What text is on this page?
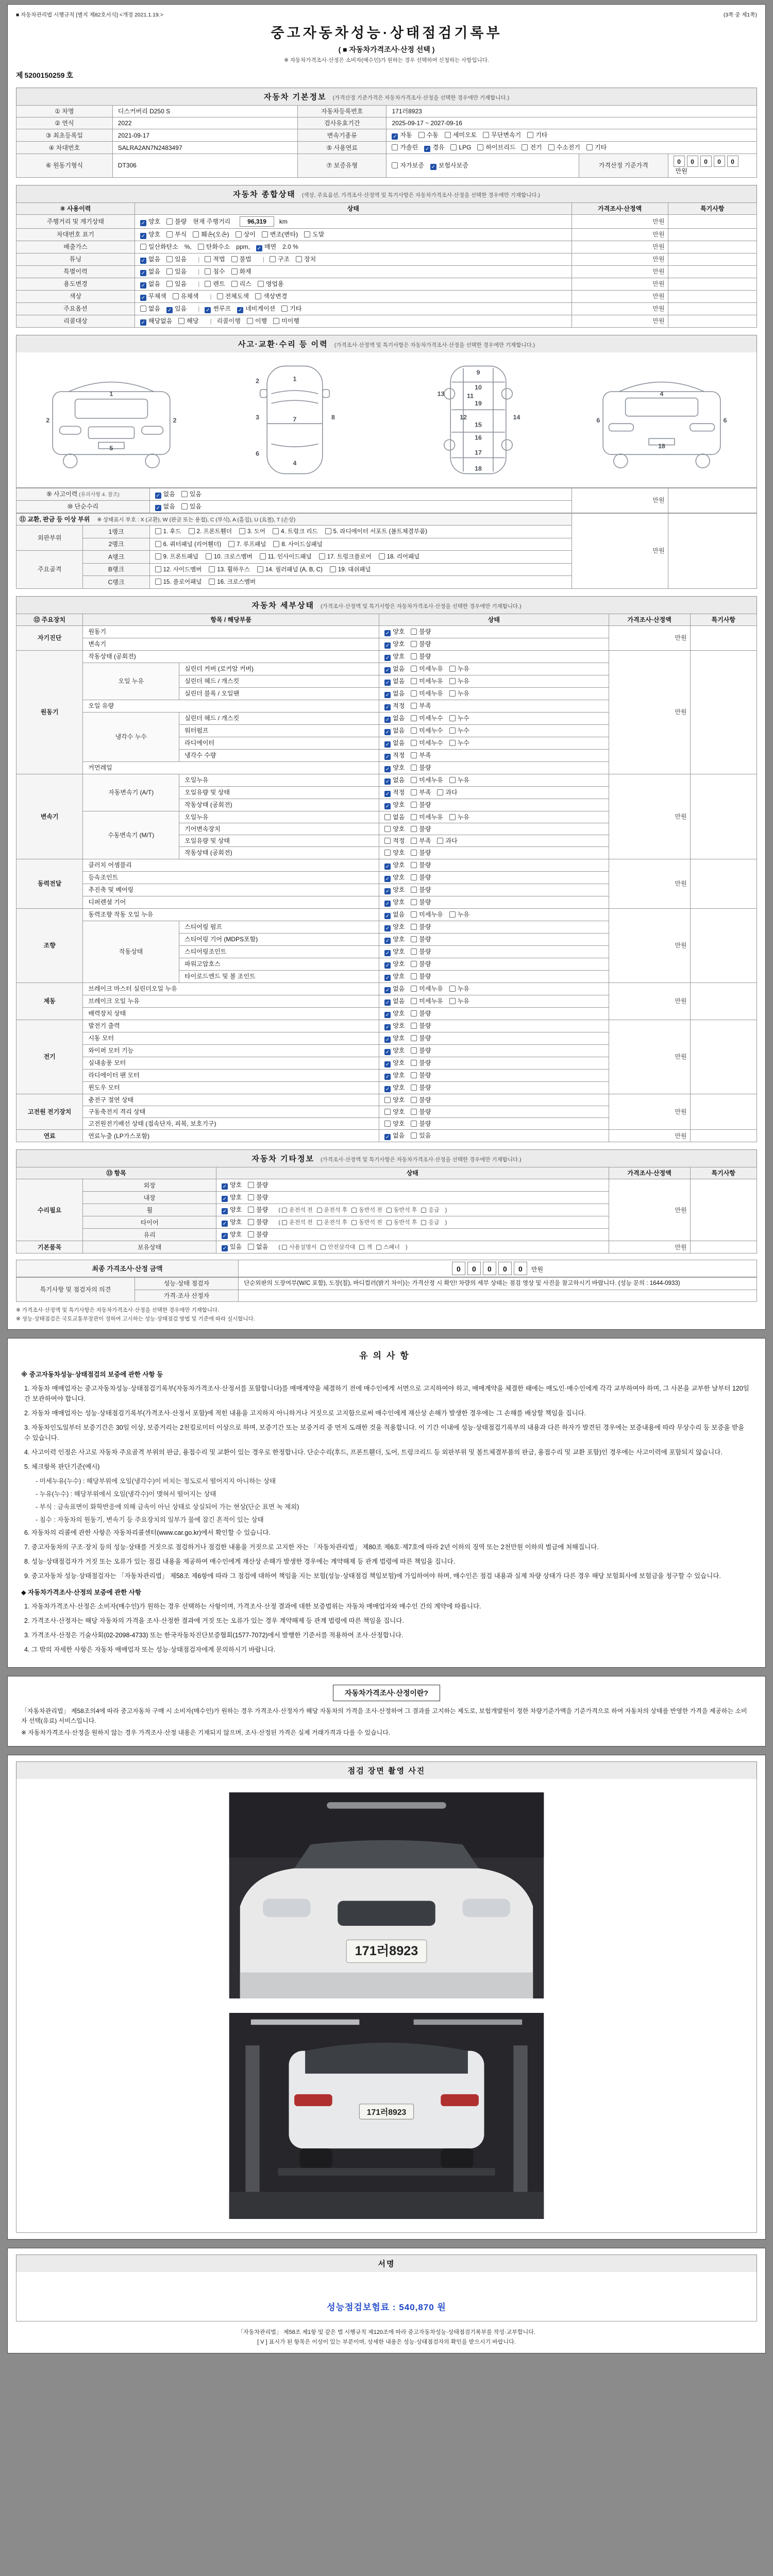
■ 자동차관리법 시행규칙 [별지 제82호서식] <개정 2021.1.19.>	(3쪽 중 제1쪽)
중고자동차성능·상태점검기록부
( ■ 자동차가격조사·산정 선택 )
※ 자동차가격조사·산정은 소비자(매수인)가 원하는 경우 선택하여 신청하는 사항입니다.
제 5200150259 호
자동차 기본정보 (가격산정 기준가격은 자동차가격조사·산정을 선택한 경우에만 기재합니다.)
① 차명	디스커버리 D250 S	자동차등록번호	171러8923		
② 연식	2022	검사유효기간	2025-09-17 ~ 2027-09-16		
③ 최초등록일	2021-09-17	변속기종류	✓ 자동 수동 세미오토 무단변속기 기타		
④ 차대번호	SALRA2AN7N2483497	⑤ 사용연료	가솔린 ✓ 경유 LPG 하이브리드 전기 수소전기 기타		
⑥ 원동기형식	DT306	⑦ 보증유형	자가보증 ✓ 보험사보증	가격산정 기준가격	0 0 0 0 0만원
자동차 종합상태 (색상, 주요옵션, 가격조사·산정액 및 특기사항은 자동차가격조사·산정을 선택한 경우에만 기재합니다.)
⑧ 사용이력	상태	가격조사·산정액	특기사항
주행거리 및 계기상태	✓ 양호 불량 현재 주행거리 96,319 km	만원	
차대번호 표기	✓ 양호 부식 훼손(오손) 상이 변조(변타) 도말	만원	
배출가스	일산화탄소 %, 탄화수소 ppm, ✓ 매연 2.0 %	만원	
튜닝	✓ 없음 있음 | 적법 불법 | 구조 장치	만원	
특별이력	✓ 없음 있음 | 침수 화재	만원	
용도변경	✓ 없음 있음 | 렌트 리스 영업용	만원	
색상	✓ 무채색 유채색 | 전체도색 색상변경	만원	
주요옵션	없음 ✓ 있음 | ✓ 썬루프 ✓ 네비게이션 기타	만원	
리콜대상	✓ 해당없음 해당 | 리콜이행 이행 미이행	만원	
사고·교환·수리 등 이력 (가격조사·산정액 및 특기사항은 자동차가격조사·산정을 선택한 경우에만 기재합니다.)
1
2	2
5
1
7
4
2
3
6
8
9
10
11
19
12
15
16
17
18
13
14
4
6	6
18
⑨ 사고이력 (유의사항 4. 참조)	✓ 없음 있음	만원	
⑩ 단순수리	✓ 없음 있음		
⑪ 교환, 판금 등 이상 부위 ※ 상태표시 부호 : X (교환), W (판금 또는 용접), C (부식), A (흠집), U (요철), T (손상)			만원	
외판부위	1랭크	1. 후드 2. 프론트휀더 3. 도어 4. 트렁크 리드 5. 라디에이터 서포트 (볼트체결부품)		
	2랭크	6. 쿼터패널 (리어휀더) 7. 루프패널 8. 사이드실패널		
주요골격	A랭크	9. 프론트패널 10. 크로스멤버 11. 인사이드패널 17. 트렁크플로어 18. 리어패널		
	B랭크	12. 사이드멤버 13. 휠하우스 14. 필러패널 (A, B, C) 19. 대쉬패널		
	C랭크	15. 플로어패널 16. 크로스멤버		
자동차 세부상태 (가격조사·산정액 및 특기사항은 자동차가격조사·산정을 선택한 경우에만 기재합니다.)
⑫ 주요장치	항목 / 해당부품		상태	가격조사·산정액	특기사항
자기진단	원동기		✓ 양호 불량	만원	
	변속기		✓ 양호 불량		
원동기	작동상태 (공회전)		✓ 양호 불량	만원	
	오일 누유	실린더 커버 (로커암 커버)	✓ 없음 미세누유 누유		
		실린더 헤드 / 개스킷	✓ 없음 미세누유 누유		
		실린더 블록 / 오일팬	✓ 없음 미세누유 누유		
	오일 유량		✓ 적정 부족		
	냉각수 누수	실린더 헤드 / 개스킷	✓ 없음 미세누수 누수		
		워터펌프	✓ 없음 미세누수 누수		
		라디에이터	✓ 없음 미세누수 누수		
		냉각수 수량	✓ 적정 부족		
	커먼레일		✓ 양호 불량		
변속기	자동변속기 (A/T)	오일누유	✓ 없음 미세누유 누유	만원	
		오일유량 및 상태	✓ 적정 부족 과다		
		작동상태 (공회전)	✓ 양호 불량		
	수동변속기 (M/T)	오일누유	없음 미세누유 누유		
		기어변속장치	양호 불량		
		오일유량 및 상태	적정 부족 과다		
		작동상태 (공회전)	양호 불량		
동력전달	클러치 어셈블리		✓ 양호 불량	만원	
	등속조인트		✓ 양호 불량		
	추진축 및 베어링		✓ 양호 불량		
	디퍼렌셜 기어		✓ 양호 불량		
조향	동력조향 작동 오일 누유		✓ 없음 미세누유 누유	만원	
	작동상태	스티어링 펌프	✓ 양호 불량		
		스티어링 기어 (MDPS포함)	✓ 양호 불량		
		스티어링조인트	✓ 양호 불량		
		파워고압호스	✓ 양호 불량		
		타이로드엔드 및 볼 조인트	✓ 양호 불량		
제동	브레이크 마스터 실린더오일 누유		✓ 없음 미세누유 누유	만원	
	브레이크 오일 누유		✓ 없음 미세누유 누유		
	배력장치 상태		✓ 양호 불량		
전기	발전기 출력		✓ 양호 불량	만원	
	시동 모터		✓ 양호 불량		
	와이퍼 모터 기능		✓ 양호 불량		
	실내송풍 모터		✓ 양호 불량		
	라디에이터 팬 모터		✓ 양호 불량		
	윈도우 모터		✓ 양호 불량		
고전원 전기장치	충전구 절연 상태		양호 불량	만원	
	구동축전지 격리 상태		양호 불량		
	고전원전기배선 상태 (접속단자, 피복, 보호기구)		양호 불량		
연료	연료누출 (LP가스포함)		✓ 없음 있음	만원	
자동차 기타정보 (가격조사·산정액 및 특기사항은 자동차가격조사·산정을 선택한 경우에만 기재합니다.)
⑬ 항목		상태	가격조사·산정액	특기사항
수리필요	외장	✓ 양호 불량	만원	
	내장	✓ 양호 불량		
	휠	✓ 양호 불량 ( 운전석 전 운전석 후 동반석 전 동반석 후 응급 )		
	타이어	✓ 양호 불량 ( 운전석 전 운전석 후 동반석 전 동반석 후 응급 )		
	유리	✓ 양호 불량		
기본품목	보유상태	✓ 있음 없음 ( 사용설명서 안전삼각대 잭 스패너 )	만원	
최종 가격조사·산정 금액	0 0 0 0 0 만원
특기사항 및 점검자의 의견	성능·상태 점검자	단순외판의 도장여부(W/C 포함), 도장(칠), 바디컬러(밝기 차이)는 가격산정 시 확인! 차량의 세부 상태는 점검 영상 및 사진을 참고하시기 바랍니다. (성능 문의 : 1644-0933)
	가격·조사 산정자	
※ 가격조사·산정액 및 특기사항은 자동차가격조사·산정을 선택한 경우에만 기재합니다.
※ 성능·상태점검은 국토교통부장관이 정하여 고시하는 성능·상태점검 방법 및 기준에 따라 실시합니다.
유의사항
※ 중고자동차성능·상태점검의 보증에 관한 사항 등
1. 자동차 매매업자는 중고자동차성능·상태점검기록부(자동차가격조사·산정서를 포함합니다)를 매매계약을 체결하기 전에 매수인에게 서면으로 고지하여야 하고, 매매계약을 체결한 때에는 매도인·매수인에게 각각 교부하여야 하며, 그 사본을 교부한 날부터 120일간 보관하여야 합니다.
2. 자동차 매매업자는 성능·상태점검기록부(가격조사·산정서 포함)에 적힌 내용을 고지하지 아니하거나 거짓으로 고지함으로써 매수인에게 재산상 손해가 발생한 경우에는 그 손해를 배상할 책임을 집니다.
3. 자동차인도일부터 보증기간은 30일 이상, 보증거리는 2천킬로미터 이상으로 하며, 보증기간 또는 보증거리 중 먼저 도래한 것을 적용합니다. 이 기간 이내에 성능·상태점검기록부의 내용과 다른 하자가 발견된 경우에는 보증내용에 따라 무상수리 등 보증을 받을 수 있습니다.
4. 사고이력 인정은 사고로 자동차 주요골격 부위의 판금, 용접수리 및 교환이 있는 경우로 한정합니다. 단순수리(후드, 프론트휀더, 도어, 트렁크리드 등 외판부위 및 볼트체결부품의 판금, 용접수리 및 교환 포함)인 경우에는 사고이력에 포함되지 않습니다.
5. 체크항목 판단기준(예시)
- 미세누유(누수) : 해당부위에 오일(냉각수)이 비치는 정도로서 떨어지지 아니하는 상태
- 누유(누수) : 해당부위에서 오일(냉각수)이 맺혀서 떨어지는 상태
- 부식 : 금속표면이 화학반응에 의해 금속이 아닌 상태로 상실되어 가는 현상(단순 표면 녹 제외)
- 침수 : 자동차의 원동기, 변속기 등 주요장치의 일부가 물에 잠긴 흔적이 있는 상태
6. 자동차의 리콜에 관한 사항은 자동차리콜센터(www.car.go.kr)에서 확인할 수 있습니다.
7. 중고자동차의 구조·장치 등의 성능·상태를 거짓으로 점검하거나 점검한 내용을 거짓으로 고지한 자는 「자동차관리법」 제80조 제6호·제7호에 따라 2년 이하의 징역 또는 2천만원 이하의 벌금에 처해집니다.
8. 성능·상태점검자가 거짓 또는 오류가 있는 점검 내용을 제공하여 매수인에게 재산상 손해가 발생한 경우에는 계약해제 등 관계 법령에 따른 책임을 집니다.
9. 중고자동차 성능·상태점검자는 「자동차관리법」 제58조 제6항에 따라 그 점검에 대하여 책임을 지는 보험(성능·상태점검 책임보험)에 가입하여야 하며, 매수인은 점검 내용과 실제 차량 상태가 다른 경우 해당 보험회사에 보험금을 청구할 수 있습니다.
◆ 자동차가격조사·산정의 보증에 관한 사항
1. 자동차가격조사·산정은 소비자(매수인)가 원하는 경우 선택하는 사항이며, 가격조사·산정 결과에 대한 보증범위는 자동차 매매업자와 매수인 간의 계약에 따릅니다.
2. 가격조사·산정자는 해당 자동차의 가격을 조사·산정한 결과에 거짓 또는 오류가 있는 경우 계약해제 등 관계 법령에 따른 책임을 집니다.
3. 가격조사·산정은 기술사회(02-2098-4733) 또는 한국자동차진단보증협회(1577-7072)에서 발행한 기준서를 적용하여 조사·산정합니다.
4. 그 밖의 자세한 사항은 자동차 매매업자 또는 성능·상태점검자에게 문의하시기 바랍니다.
자동차가격조사·산정이란?
「자동차관리법」 제58조의4에 따라 중고자동차 구매 시 소비자(매수인)가 원하는 경우 가격조사·산정자가 해당 자동차의 가격을 조사·산정하여 그 결과를 고지하는 제도로, 보험개발원이 정한 차량기준가액을 기준가격으로 하여 자동차의 상태를 반영한 가격을 제공하는 소비자 선택(유료) 서비스입니다.
※ 자동차가격조사·산정을 원하지 않는 경우 가격조사·산정 내용은 기재되지 않으며, 조사·산정된 가격은 실제 거래가격과 다를 수 있습니다.
점검 장면 촬영 사진
171러8923
171러8923
서명
성능점검보험료 : 540,870 원
「자동차관리법」 제58조 제1항 및 같은 법 시행규칙 제120조에 따라 중고자동차성능·상태점검기록부를 작성·교부합니다.
[ V ] 표시가 된 항목은 이상이 있는 부분이며, 상세한 내용은 성능·상태점검자의 확인을 받으시기 바랍니다.
